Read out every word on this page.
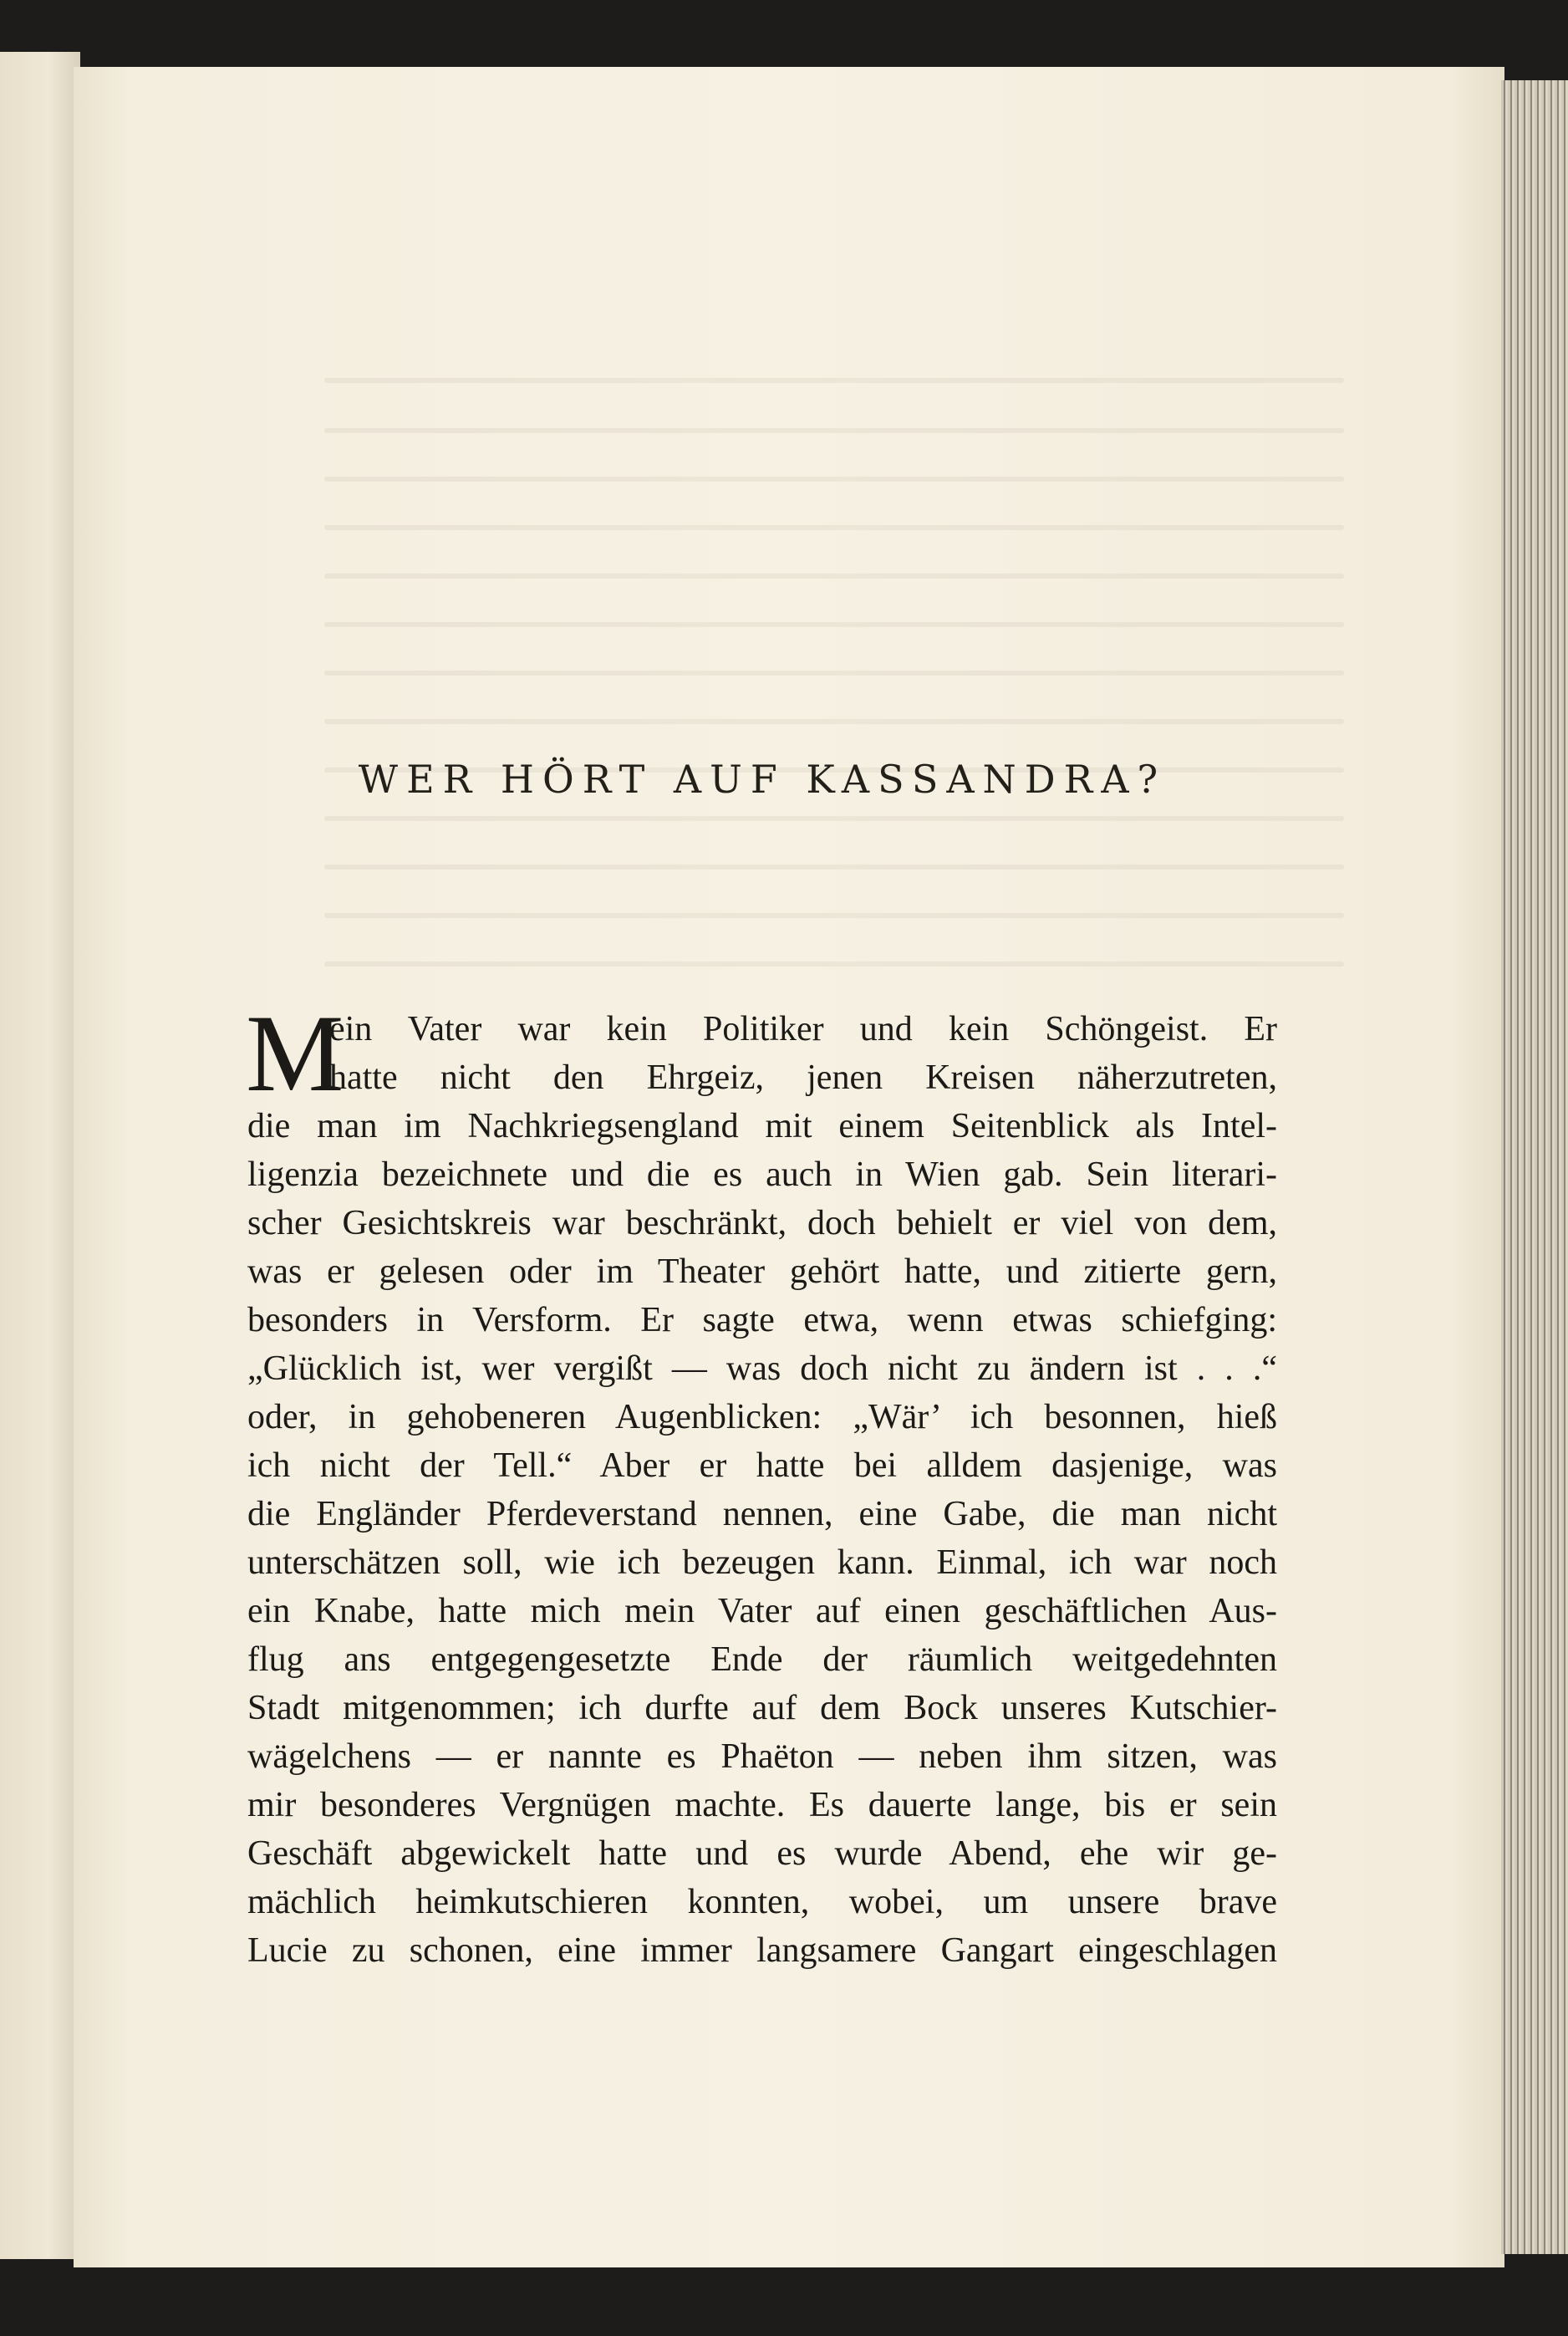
WER HÖRT AUF KASSANDRA?
M
ein Vater war kein Politiker und kein Schöngeist. Er
hatte nicht den Ehrgeiz, jenen Kreisen näherzutreten,
die man im Nachkriegsengland mit einem Seitenblick als Intel-
ligenzia bezeichnete und die es auch in Wien gab. Sein literari-
scher Gesichtskreis war beschränkt, doch behielt er viel von dem,
was er gelesen oder im Theater gehört hatte, und zitierte gern,
besonders in Versform. Er sagte etwa, wenn etwas schiefging:
„Glücklich ist, wer vergißt — was doch nicht zu ändern ist . . .“
oder, in gehobeneren Augenblicken: „Wär’ ich besonnen, hieß
ich nicht der Tell.“ Aber er hatte bei alldem dasjenige, was
die Engländer Pferdeverstand nennen, eine Gabe, die man nicht
unterschätzen soll, wie ich bezeugen kann. Einmal, ich war noch
ein Knabe, hatte mich mein Vater auf einen geschäftlichen Aus-
flug ans entgegengesetzte Ende der räumlich weitgedehnten
Stadt mitgenommen; ich durfte auf dem Bock unseres Kutschier-
wägelchens — er nannte es Phaëton — neben ihm sitzen, was
mir besonderes Vergnügen machte. Es dauerte lange, bis er sein
Geschäft abgewickelt hatte und es wurde Abend, ehe wir ge-
mächlich heimkutschieren konnten, wobei, um unsere brave
Lucie zu schonen, eine immer langsamere Gangart eingeschlagen
